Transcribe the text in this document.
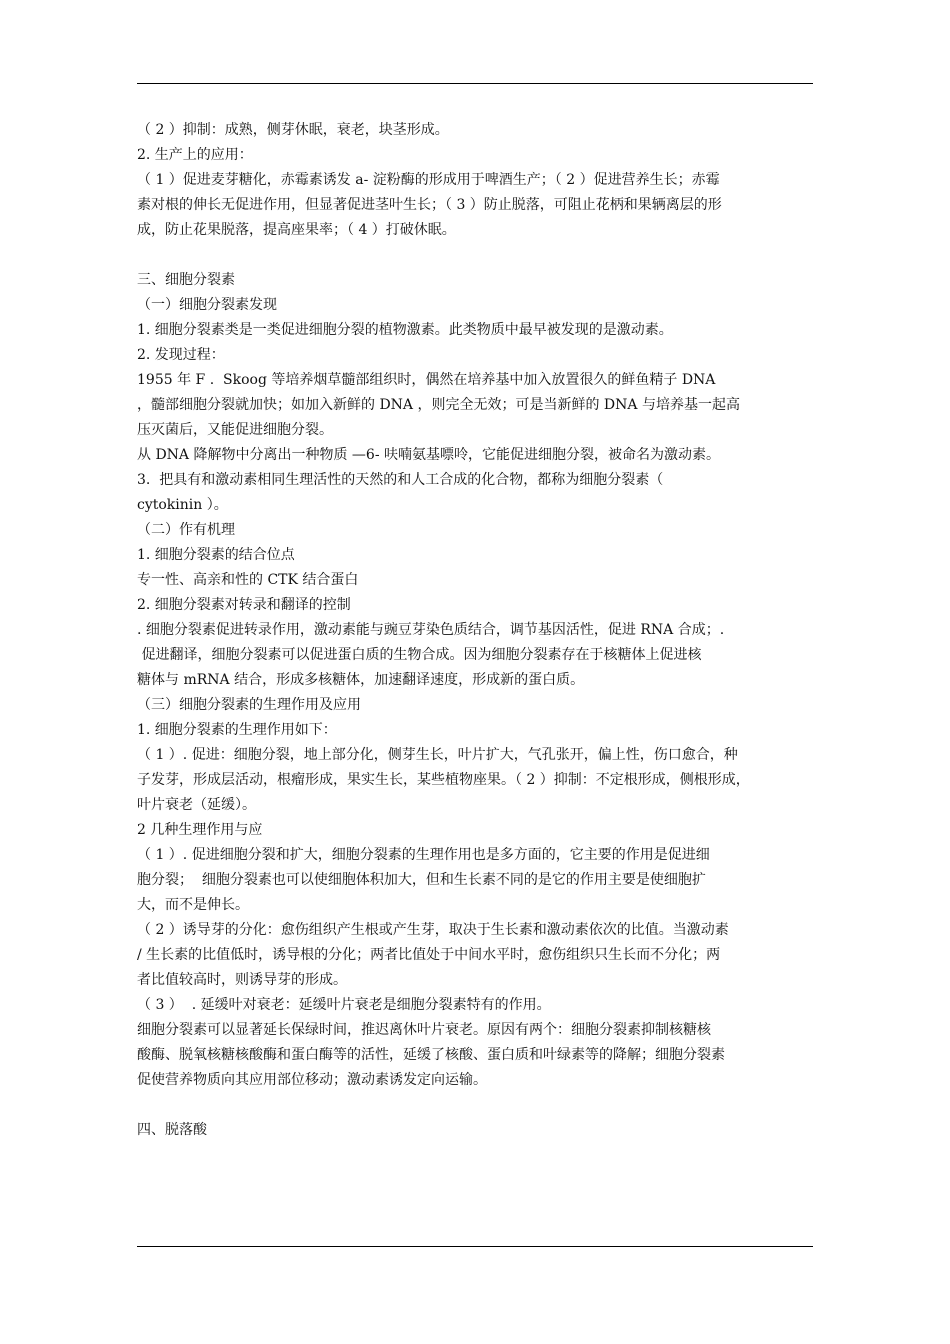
（ 2 ）抑制：成熟，侧芽休眠，衰老，块茎形成。
2. 生产上的应用：
（ 1 ）促进麦芽糖化，赤霉素诱发 a- 淀粉酶的形成用于啤酒生产；（ 2 ）促进营养生长；赤霉
素对根的伸长无促进作用，但显著促进茎叶生长；（ 3 ）防止脱落，可阻止花柄和果辆离层的形
成，防止花果脱落，提高座果率；（ 4 ）打破休眠。
三、细胞分裂素
（一）细胞分裂素发现
1. 细胞分裂素类是一类促进细胞分裂的植物激素。此类物质中最早被发现的是激动素。
2. 发现过程：
1955 年 F .  Skoog 等培养烟草髓部组织时，偶然在培养基中加入放置很久的鲜鱼精子 DNA
，髓部细胞分裂就加快；如加入新鲜的 DNA ，则完全无效；可是当新鲜的 DNA 与培养基一起高
压灭菌后，又能促进细胞分裂。
从 DNA 降解物中分离出一种物质 —6- 呋喃氨基嘌呤，它能促进细胞分裂，被命名为激动素。
3.  把具有和激动素相同生理活性的天然的和人工合成的化合物，都称为细胞分裂素（
cytokinin ）。
（二）作有机理
1. 细胞分裂素的结合位点
专一性、高亲和性的 CTK 结合蛋白
2. 细胞分裂素对转录和翻译的控制
. 细胞分裂素促进转录作用，激动素能与豌豆芽染色质结合，调节基因活性，促进 RNA 合成；.
促进翻译，细胞分裂素可以促进蛋白质的生物合成。因为细胞分裂素存在于核糖体上促进核
糖体与 mRNA 结合，形成多核糖体，加速翻译速度，形成新的蛋白质。
（三）细胞分裂素的生理作用及应用
1. 细胞分裂素的生理作用如下：
（ 1 ）. 促进：细胞分裂，地上部分化，侧芽生长，叶片扩大，气孔张开，偏上性，伤口愈合，种
子发芽，形成层活动，根瘤形成，果实生长，某些植物座果。（ 2 ）抑制：不定根形成，侧根形成，
叶片衰老（延缓）。
2 几种生理作用与应
（ 1 ）. 促进细胞分裂和扩大，细胞分裂素的生理作用也是多方面的，它主要的作用是促进细
胞分裂；  细胞分裂素也可以使细胞体积加大，但和生长素不同的是它的作用主要是使细胞扩
大，而不是伸长。
（ 2 ）诱导芽的分化：愈伤组织产生根或产生芽，取决于生长素和激动素依次的比值。当激动素
/ 生长素的比值低时，诱导根的分化；两者比值处于中间水平时，愈伤组织只生长而不分化；两
者比值较高时，则诱导芽的形成。
（ 3 ）  . 延缓叶对衰老：延缓叶片衰老是细胞分裂素特有的作用。
细胞分裂素可以显著延长保绿时间，推迟离休叶片衰老。原因有两个：细胞分裂素抑制核糖核
酸酶、脱氧核糖核酸酶和蛋白酶等的活性，延缓了核酸、蛋白质和叶绿素等的降解；细胞分裂素
促使营养物质向其应用部位移动；激动素诱发定向运输。
四、脱落酸
